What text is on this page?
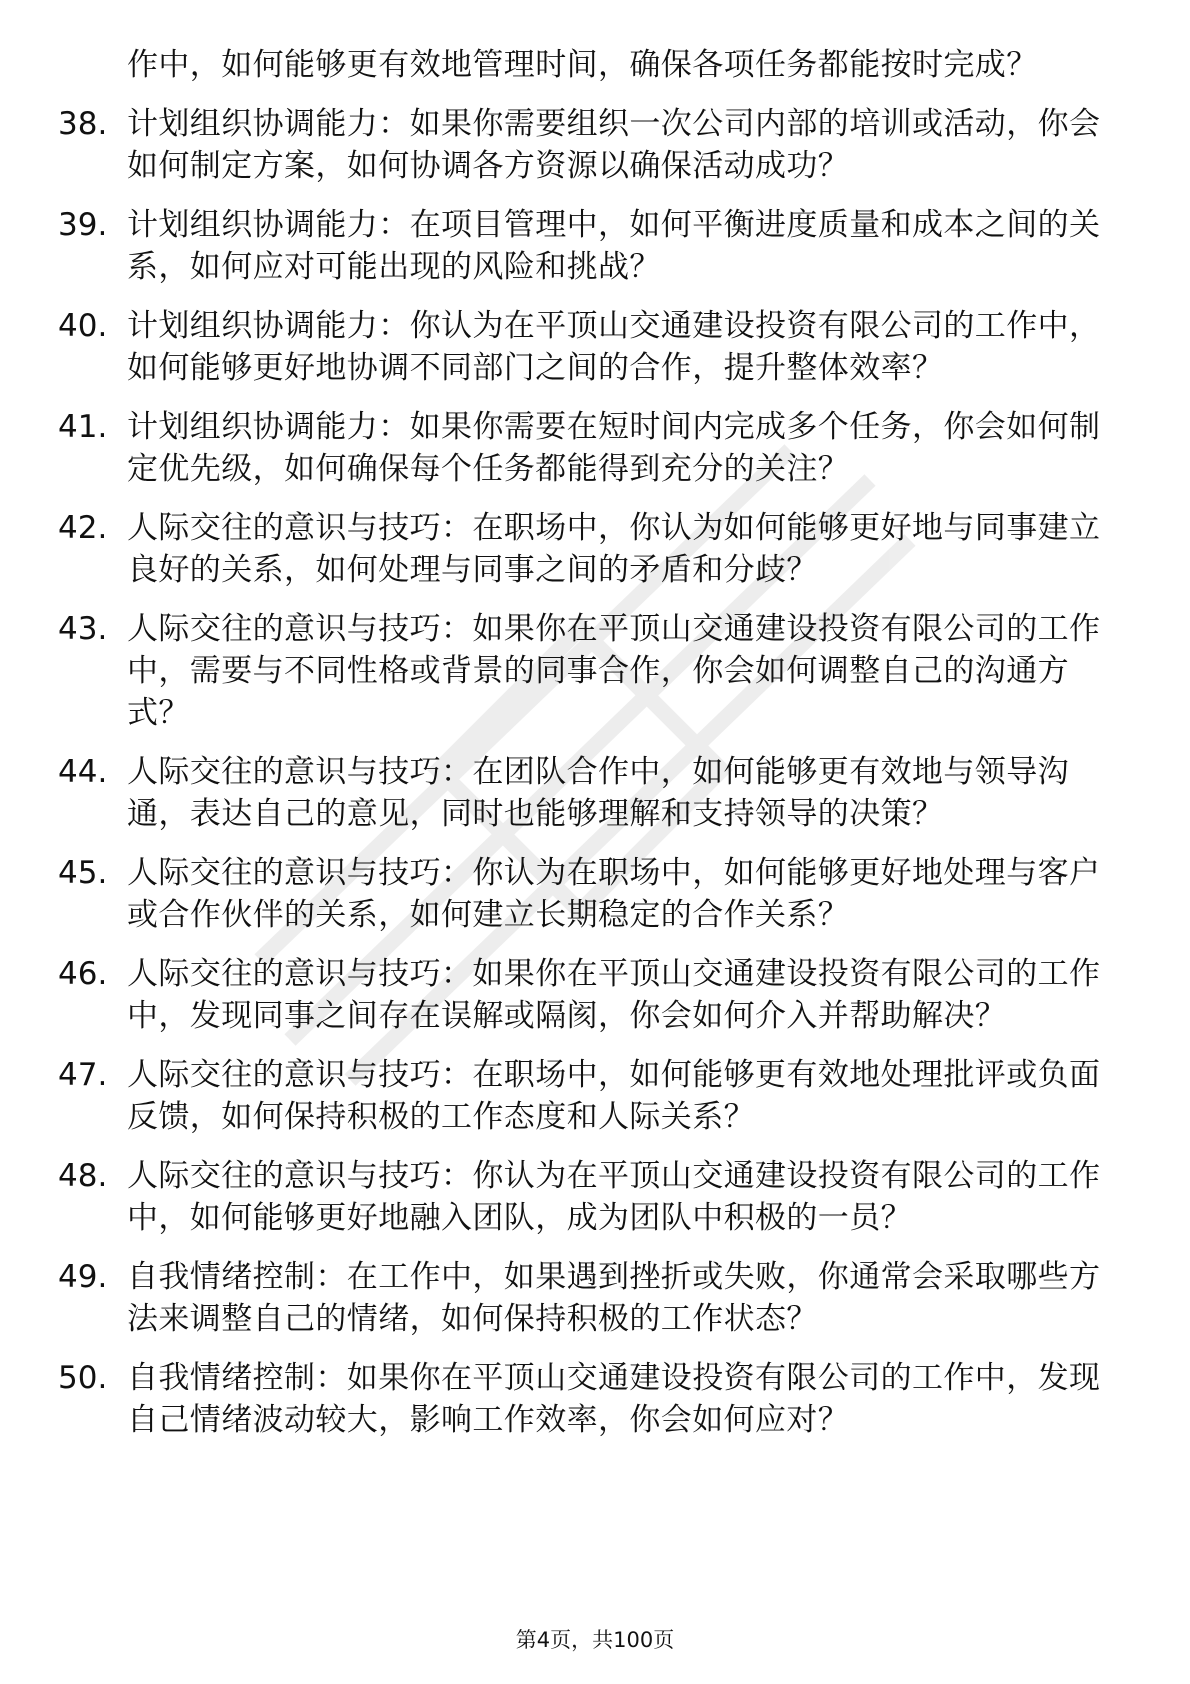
作中，如何能够更有效地管理时间，确保各项任务都能按时完成？
38. 计划组织协调能力：如果你需要组织一次公司内部的培训或活动，你会如何制定方案，如何协调各方资源以确保活动成功？
39. 计划组织协调能力：在项目管理中，如何平衡进度质量和成本之间的关系，如何应对可能出现的风险和挑战？
40. 计划组织协调能力：你认为在平顶山交通建设投资有限公司的工作中，如何能够更好地协调不同部门之间的合作，提升整体效率？
41. 计划组织协调能力：如果你需要在短时间内完成多个任务，你会如何制定优先级，如何确保每个任务都能得到充分的关注？
42. 人际交往的意识与技巧：在职场中，你认为如何能够更好地与同事建立良好的关系，如何处理与同事之间的矛盾和分歧？
43. 人际交往的意识与技巧：如果你在平顶山交通建设投资有限公司的工作中，需要与不同性格或背景的同事合作，你会如何调整自己的沟通方式？
44. 人际交往的意识与技巧：在团队合作中，如何能够更有效地与领导沟通，表达自己的意见，同时也能够理解和支持领导的决策？
45. 人际交往的意识与技巧：你认为在职场中，如何能够更好地处理与客户或合作伙伴的关系，如何建立长期稳定的合作关系？
46. 人际交往的意识与技巧：如果你在平顶山交通建设投资有限公司的工作中，发现同事之间存在误解或隔阂，你会如何介入并帮助解决？
47. 人际交往的意识与技巧：在职场中，如何能够更有效地处理批评或负面反馈，如何保持积极的工作态度和人际关系？
48. 人际交往的意识与技巧：你认为在平顶山交通建设投资有限公司的工作中，如何能够更好地融入团队，成为团队中积极的一员？
49. 自我情绪控制：在工作中，如果遇到挫折或失败，你通常会采取哪些方法来调整自己的情绪，如何保持积极的工作状态？
50. 自我情绪控制：如果你在平顶山交通建设投资有限公司的工作中，发现自己情绪波动较大，影响工作效率，你会如何应对？
第4页，共100页
